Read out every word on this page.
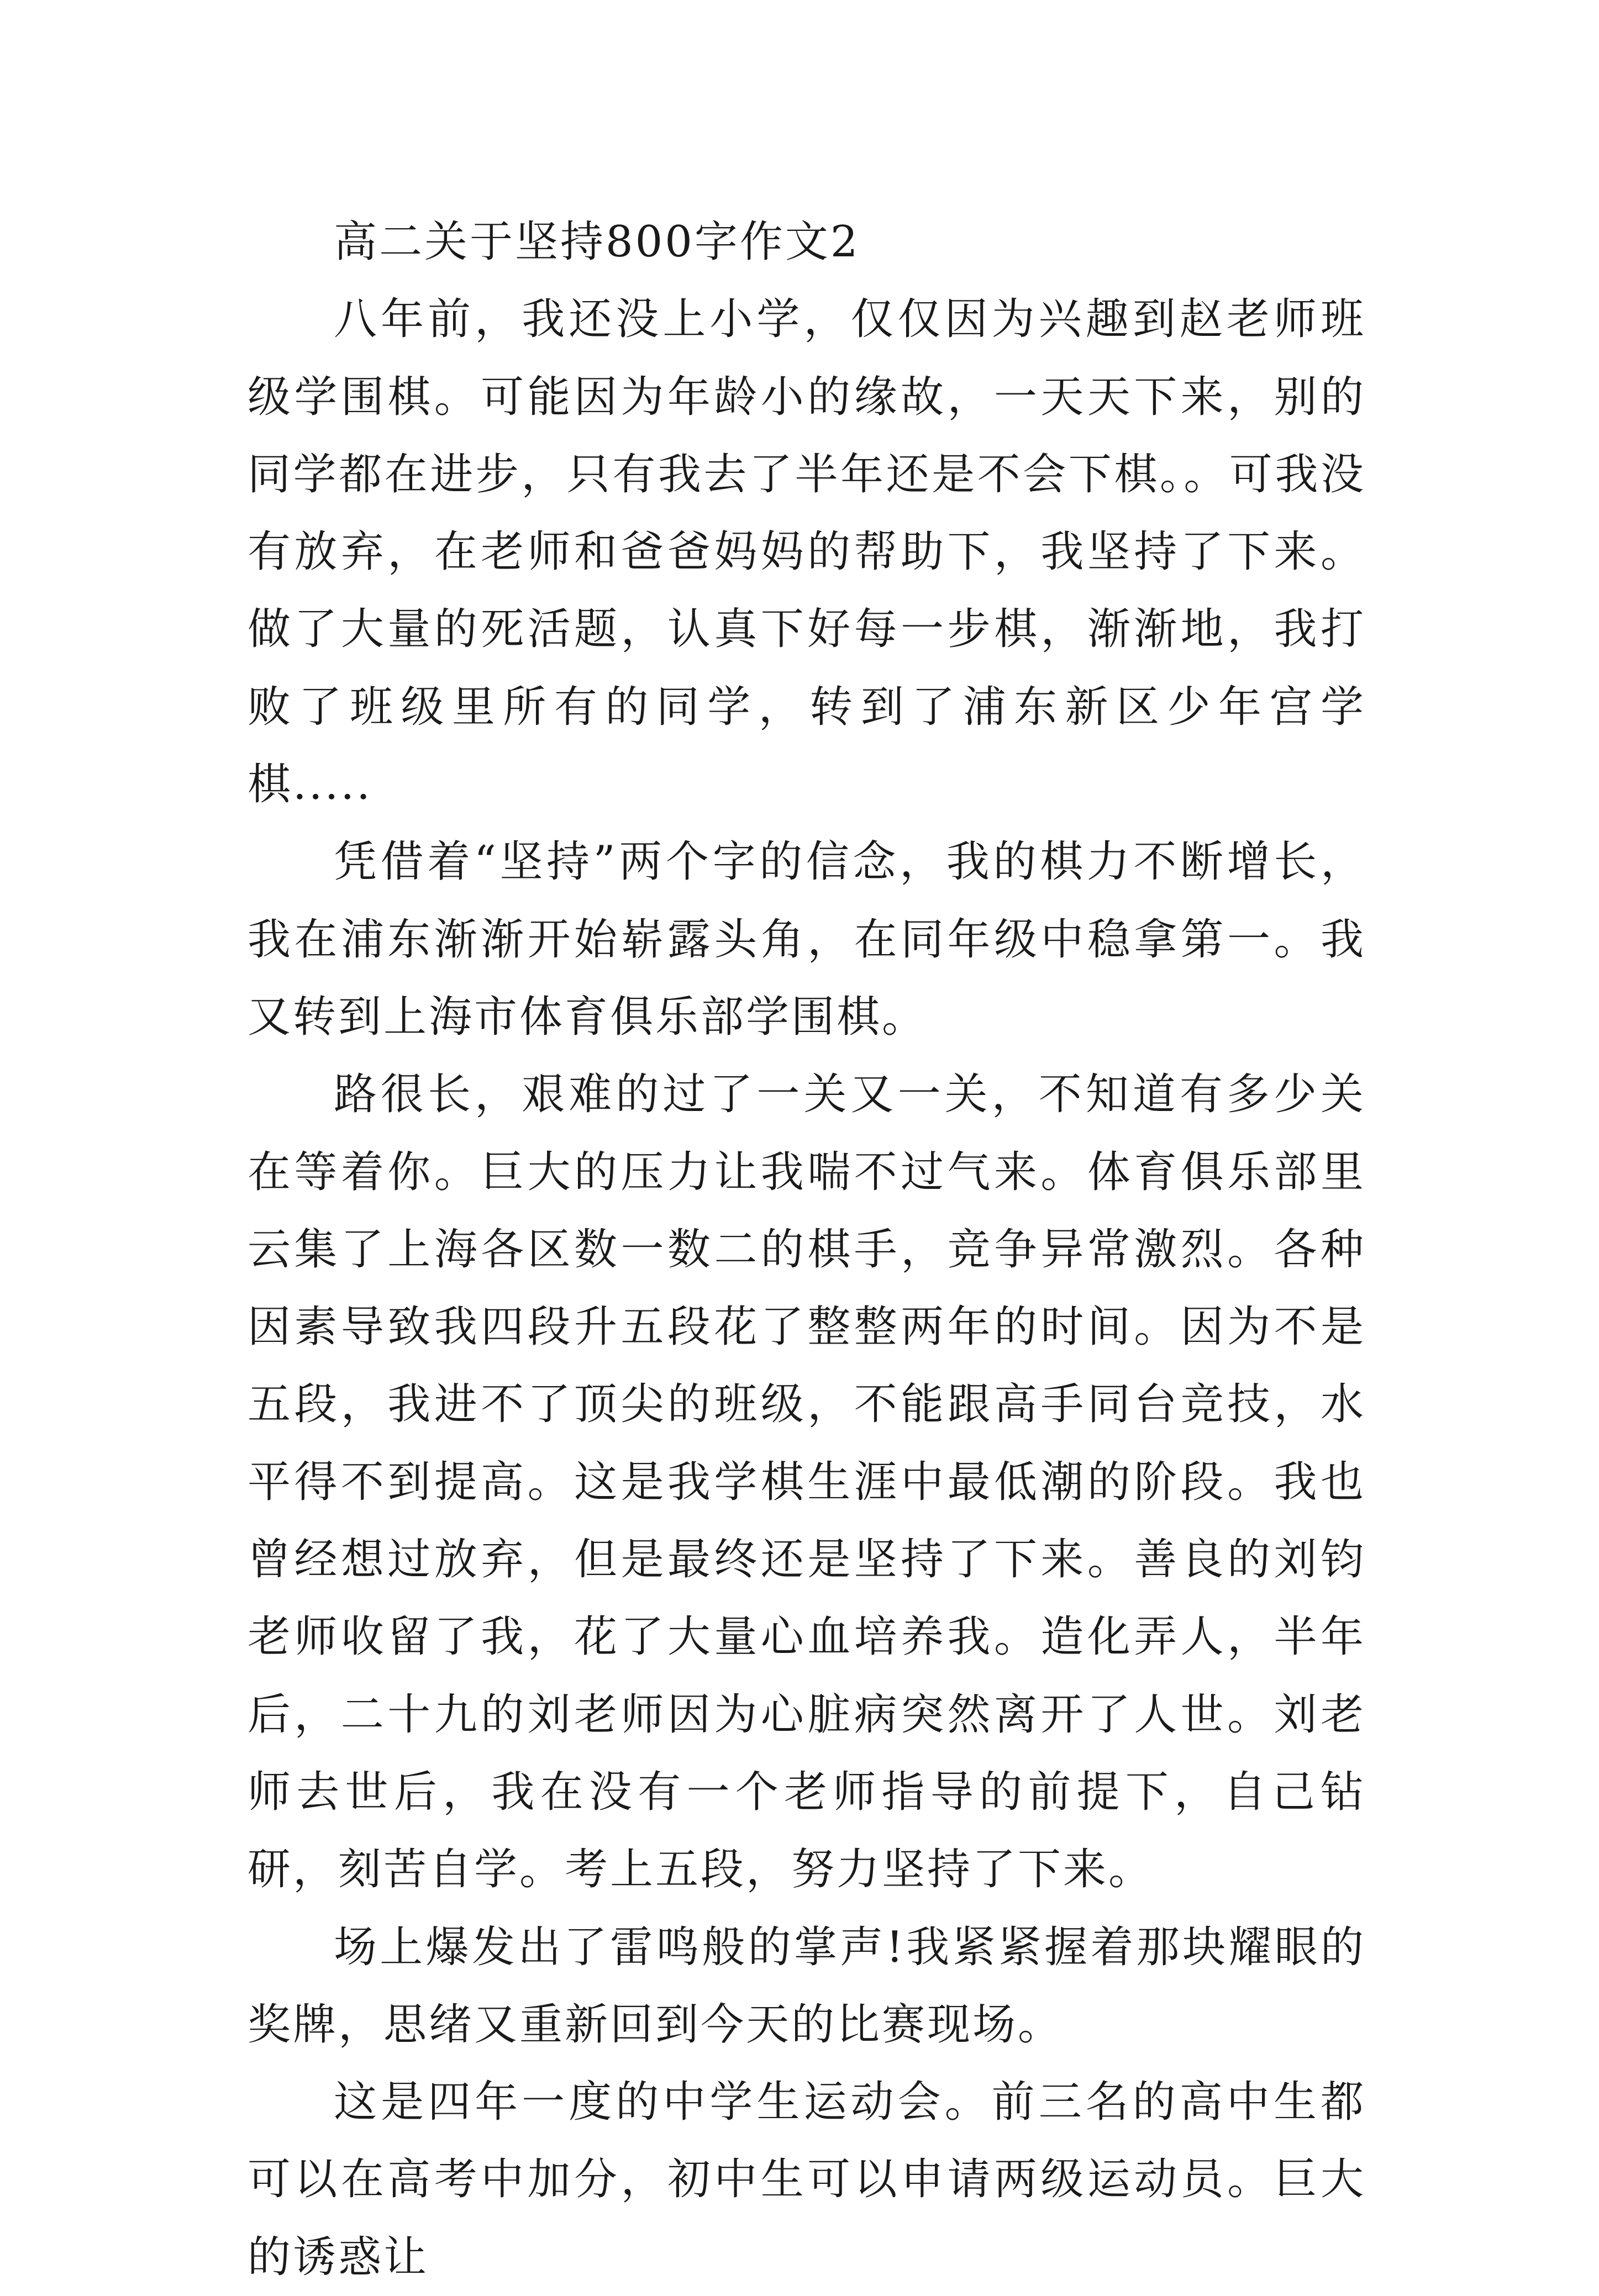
高二关于坚持800字作文2

八年前，我还没上小学，仅仅因为兴趣到赵老师班级学围棋。可能因为年龄小的缘故，一天天下来，别的同学都在进步，只有我去了半年还是不会下棋。。可我没有放弃，在老师和爸爸妈妈的帮助下，我坚持了下来。做了大量的死活题，认真下好每一步棋，渐渐地，我打败了班级里所有的同学，转到了浦东新区少年宫学棋.....

凭借着“坚持”两个字的信念，我的棋力不断增长，我在浦东渐渐开始崭露头角，在同年级中稳拿第一。我又转到上海市体育俱乐部学围棋。

路很长，艰难的过了一关又一关，不知道有多少关在等着你。巨大的压力让我喘不过气来。体育俱乐部里云集了上海各区数一数二的棋手，竞争异常激烈。各种因素导致我四段升五段花了整整两年的时间。因为不是五段，我进不了顶尖的班级，不能跟高手同台竞技，水平得不到提高。这是我学棋生涯中最低潮的阶段。我也曾经想过放弃，但是最终还是坚持了下来。善良的刘钧老师收留了我，花了大量心血培养我。造化弄人，半年后，二十九的刘老师因为心脏病突然离开了人世。刘老师去世后，我在没有一个老师指导的前提下，自己钻研，刻苦自学。考上五段，努力坚持了下来。

场上爆发出了雷鸣般的掌声!我紧紧握着那块耀眼的奖牌，思绪又重新回到今天的比赛现场。

这是四年一度的中学生运动会。前三名的高中生都可以在高考中加分，初中生可以申请两级运动员。巨大的诱惑让
